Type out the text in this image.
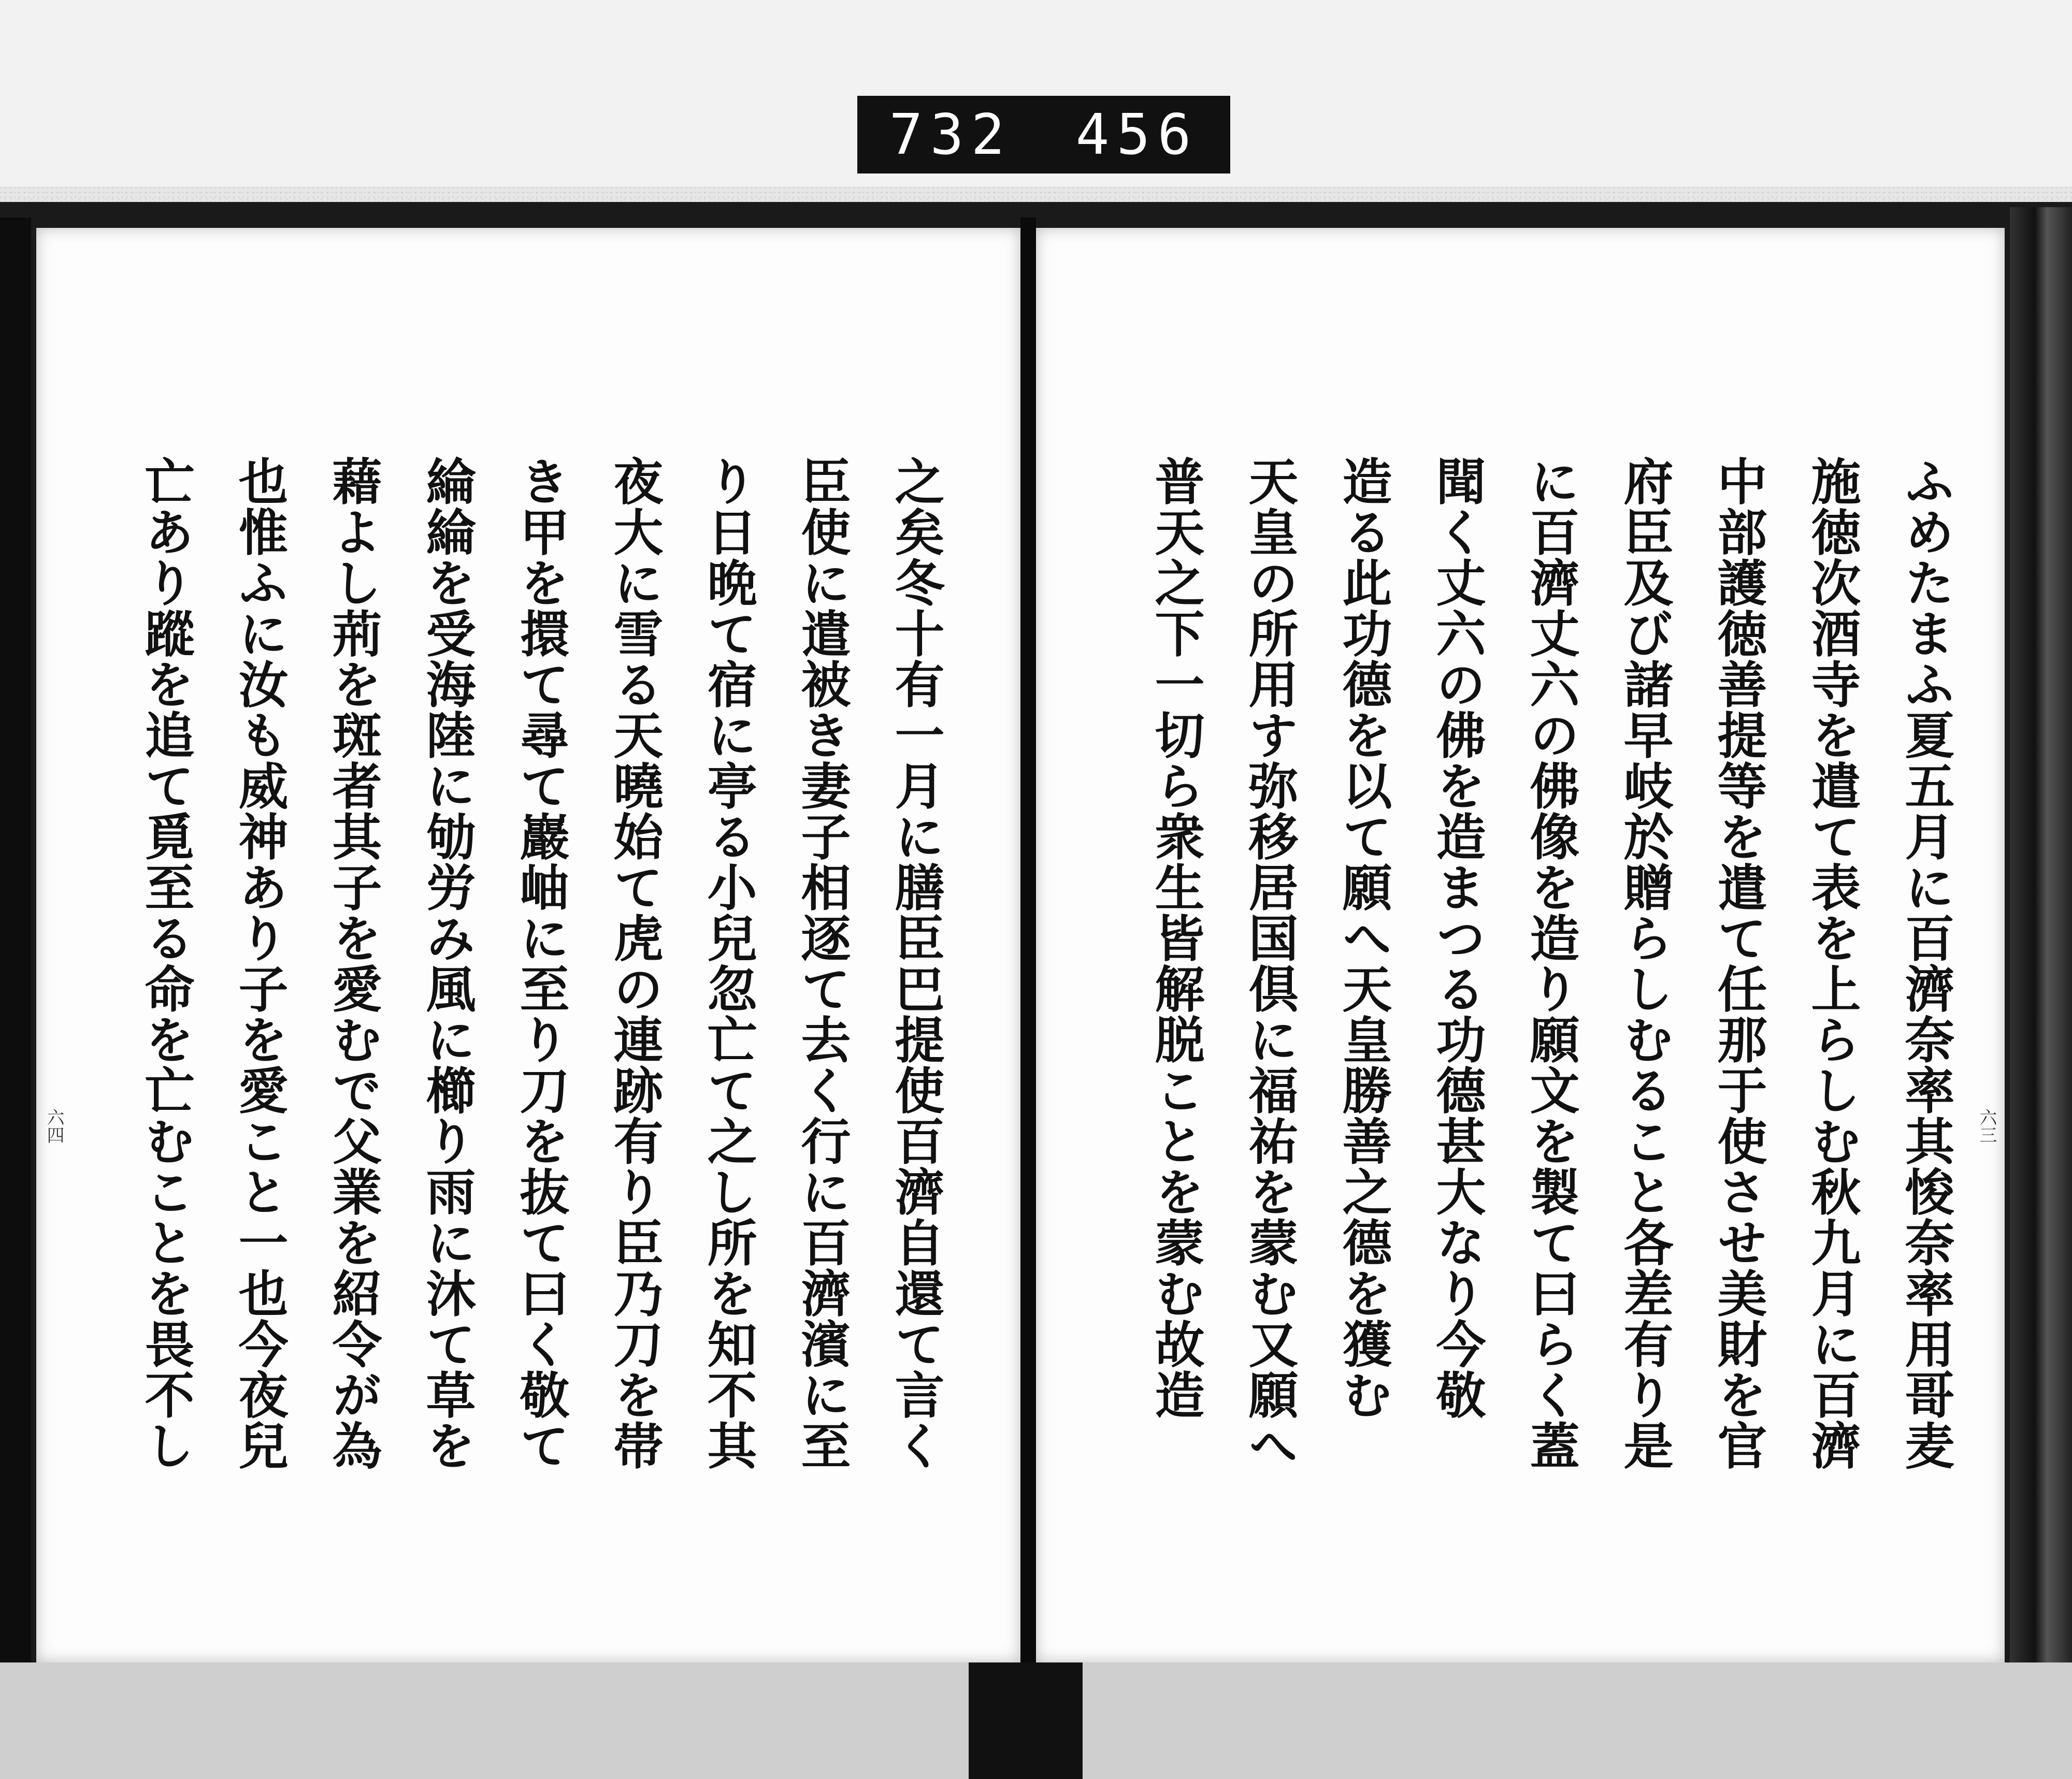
732 456
之矣冬十有一月に膳臣巴提使百濟自還て言く
臣使に遣被き妻子相逐て去く行に百濟濱に至
り日晩て宿に亭る小兒忽亡て之し所を知不其
夜大に雪る天曉始て虎の連跡有り臣乃刀を帯
き甲を擐て尋て巖岫に至り刀を抜て曰く敬て
綸綸を受海陸に劬労み風に櫛り雨に沐て草を
藉よし荊を斑者其子を愛むで父業を紹令が為
也惟ふに汝も威神あり子を愛こと一也今夜兒
亡あり蹤を追て覓至る命を亡むことを畏不し
六四	ふめたまふ夏五月に百濟奈率其悛奈率用哥麦
施徳次酒寺を遣て表を上らしむ秋九月に百濟
中部護徳善提等を遣て任那于使させ美財を官
府臣及び諸早岐於贈らしむること各差有り是
に百濟丈六の佛像を造り願文を製て曰らく蓋
聞く丈六の佛を造まつる功德甚大なり今敬
造る此功德を以て願へ天皇勝善之德を獲む
天皇の所用す弥移居国倶に福祐を蒙む又願へ
普天之下一切ら衆生皆解脱ことを蒙む故造	六三
